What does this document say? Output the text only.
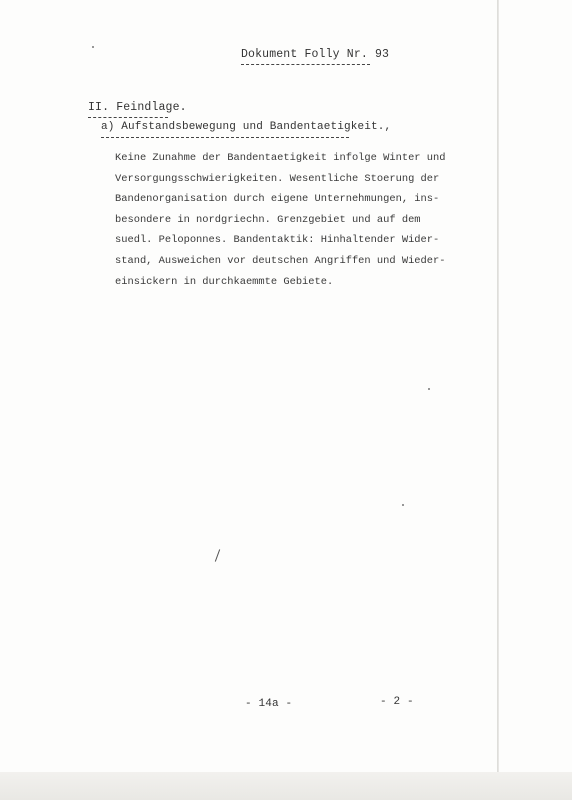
Dokument Folly Nr. 93
II. Feindlage.
a) Aufstandsbewegung und Bandentaetigkeit.,
Keine Zunahme der Bandentaetigkeit infolge Winter und
Versorgungsschwierigkeiten. Wesentliche Stoerung der
Bandenorganisation durch eigene Unternehmungen, ins-
besondere in nordgriechn. Grenzgebiet und auf dem
suedl. Peloponnes. Bandentaktik: Hinhaltender Wider-
stand, Ausweichen vor deutschen Angriffen und Wieder-
einsickern in durchkaemmte Gebiete.
- 14a -	- 2 -
